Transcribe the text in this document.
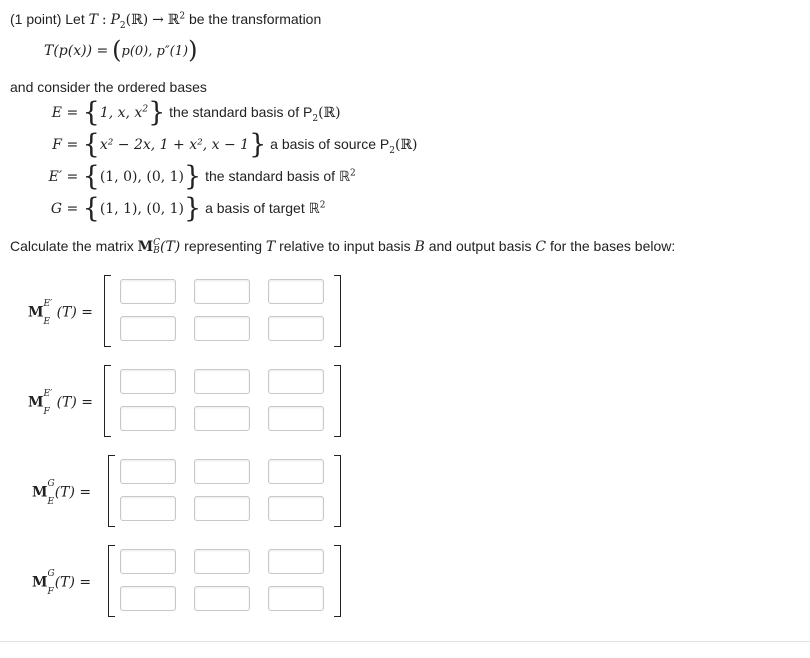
(1 point) Let T : $P_2(ℝ)$ → ℝ$^2$ be the transformation
T(p(x)) = (p(0), p″(1))
and consider the ordered bases
E = {1, x, $x^2$} the standard basis of $P_2(ℝ)$
F = {x² − 2x, 1 + x², x − 1} a basis of source $P_2(ℝ)$
E′ = {(1, 0), (0, 1)} the standard basis of ℝ$^2$
G = {(1, 1), (0, 1)} a basis of target ℝ$^2$
Calculate the matrix MC
B(T) representing T relative to input basis B and output basis C for the bases below:
$M^{E'}$
$_E$ (T) =
$M^{E'}$
$_F$ (T) =
$M^G$
$_E$(T) =
$M^G$
$_F$(T) =
